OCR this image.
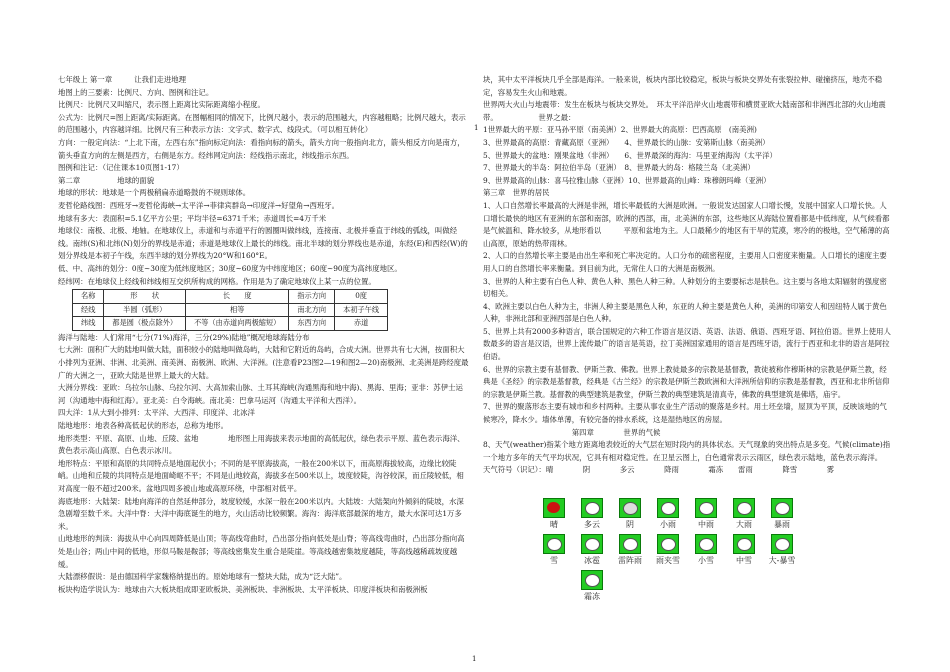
七年级上 第一章　　　让我们走进地理

地图上的三要素：比例尺、方向、图例和注记。

比例尺：比例尺又叫缩尺，表示图上距离比实际距离缩小程度。

公式为：比例尺=图上距离/实际距离。在图幅相同的情况下，比例尺越小，表示的范围越大，内容越粗略；比例尺越大，表示的范围越小，内容越详细。比例尺有三种表示方法：文字式、数字式、线段式。（可以相互转化）

方向：一般定向法：“上北下南，左西右东”指向标定向法：看指向标的箭头，箭头方向一般指向北方，箭头相反方向是南方，箭头垂直方向的左侧是西方，右侧是东方。经纬网定向法：经线指示南北，纬线指示东西。

图例和注记：（记住课本10页图1-17）

第二章　　　　　地球的面貌

地球的形状：地球是一个两极稍扁赤道略鼓的不规则球体。

麦哲伦路线图：西班牙→麦哲伦海峡→太平洋→菲律宾群岛→印度洋→好望角→西班牙。

地球有多大：表面积=5.1亿平方公里；平均半径=6371千米；赤道周长=4万千米

地球仪：南极、北极、地轴。在地球仪上，赤道和与赤道平行的圆圈叫做纬线，连接南、北极并垂直于纬线的弧线，叫做经线。南纬(S)和北纬(N)划分的界线是赤道；赤道是地球仪上最长的纬线。南北半球的划分界线也是赤道，东经(E)和西经(W)的划分界线是本初子午线，东西半球的划分界线为20°W和160°E。

低、中、高纬的划分：0度~30度为低纬度地区；30度~60度为中纬度地区；60度~90度为高纬度地区。

经纬网：在地球仪上经线和纬线相互交织所构成的网格。作用是为了确定地球仪上某一点的位置。

名称	形　　状	长　　度	指示方向	0度
经线	半圆（弧形）	相等	南北方向	本初子午线
纬线	都是圆（极点除外）	不等（由赤道向两极缩短）	东西方向	赤道

海洋与陆地：人们常用“七分(71%)海洋，三分(29%)陆地”概况地球海陆分布

七大洲：面积广大的陆地叫做大陆，面积较小的陆地叫做岛屿，大陆和它附近的岛屿，合成大洲。世界共有七大洲，按面积大小排列为亚洲、非洲、北美洲、南美洲、南极洲、欧洲、大洋洲。(注意看P23图2—19和图2—20)南极洲、北美洲是跨经度最广的大洲之一，亚欧大陆是世界上最大的大陆。

大洲分界线：亚欧：乌拉尔山脉、乌拉尔河、大高加索山脉、土耳其海峡(沟通黑海和地中海)、黑海、里海；亚非：苏伊士运河（沟通地中海和红海）。亚北美：白令海峡。南北美：巴拿马运河（沟通太平洋和大西洋）。

四大洋：1从大到小排列：太平洋、大西洋、印度洋、北冰洋

陆地地形：地表各种高低起伏的形态，总称为地形。

地形类型：平原、高原、山地、丘陵、盆地　　　　地形图上用海拔来表示地面的高低起伏，绿色表示平原、蓝色表示海洋、黄色表示高山高原、白色表示冰川。

地形特点：平原和高原的共同特点是地面起伏小；不同的是平原海拔高，一般在200米以下，而高原海拔较高，边缘比较陡峭。山地和丘陵的共同特点是地面崎岖不平；不同是山地较高，海拔多在500米以上，坡度较陡，沟谷较深，而丘陵较低，相对高度一般不超过200米。盆地四周多被山地或高原环绕，中部相对低平。

海底地形：大陆架：陆地向海洋的自然延伸部分，坡度较缓，水深一般在200米以内。大陆坡：大陆架向外倾斜的陡坡，水深急剧增至数千米。大洋中脊：大洋中海底诞生的地方，火山活动比较频繁。海沟：海洋底部最深的地方，最大水深可达1万多米。

山地地形的判读：海拔从中心向四周降低是山顶；等高线弯曲时，凸出部分指向低处是山脊；等高线弯曲时，凸出部分指向高处是山谷；两山中间的低地，形似马鞍是鞍部；等高线密集发生重合是陡崖。等高线越密集坡度越陡，等高线越稀疏坡度越缓。

大陆漂移假说：是由德国科学家魏格纳提出的。原始地球有一整块大陆，成为“泛大陆”。

板块构造学说认为：地球由六大板块组成即亚欧板块、美洲板块、非洲板块、太平洋板块、印度洋板块和南极洲板

1

块，其中太平洋板块几乎全部是海洋。一般来说，板块内部比较稳定，板块与板块交界处有张裂拉伸、碰撞挤压，地壳不稳定，容易发生火山和地震。

世界两大火山与地震带：发生在板块与板块交界处。　环太平洋沿岸火山地震带和横贯亚欧大陆南部和非洲西北部的火山地震带。　　　　　　世界之最：

1世界最大的平原：亚马孙平原（南美洲）2、世界最大的高原：巴西高原　(南美洲)

3、世界最高的高原：青藏高原（亚洲）　　4、世界最长的山脉：安第斯山脉（南美洲）

5、世界最大的盆地：刚果盆地（非洲）　　6、世界最深的海沟：马里亚纳海沟（太平洋）

7、世界最大的半岛：阿拉伯半岛（亚洲）　8、世界最大的岛：格陵兰岛（北美洲）

9、世界最高的山脉：喜马拉雅山脉（亚洲）10、世界最高的山峰：珠穆朗玛峰（亚洲）

第三章　世界的居民

1、人口自然增长率最高的大洲是非洲，增长率最低的大洲是欧洲。一般说发达国家人口增长慢，发展中国家人口增长快。人口增长最快的地区有亚洲的东部和南部，欧洲的西部，南，北美洲的东部，这些地区从海陆位置看都是中低纬度，从气候看都是气候温和、降水较多，从地形看以　　　平原和盆地为主。人口最稀少的地区有干旱的荒漠，寒冷的的极地，空气稀薄的高山高原，原始的热带雨林。

2、人口的自然增长率主要是由出生率和死亡率决定的。人口分布的疏密程度，主要用人口密度来衡量。人口增长的速度主要用人口的自然增长率来衡量。到目前为此，无常住人口的大洲是南极洲。

3、世界的人种主要有白色人种、黄色人种、黑色人种三种。人种划分的主要要标志是肤色。这主要与各地太阳辐射的强度密切相关。

4、欧洲主要以白色人种为主，非洲人种主要是黑色人种，东亚的人种主要是黄色人种，美洲的印第安人和因纽特人属于黄色人种，非洲北部和亚洲西部是白色人种。

5、世界上共有2000多种语言，联合国规定的六种工作语言是汉语、英语、法语、俄语、西班牙语、阿拉伯语。世界上使用人数最多的语言是汉语，世界上流传最广的语言是英语，拉丁美洲国家通用的语言是西班牙语，流行于西亚和北非的语言是阿拉伯语。

6、世界的宗教主要有基督教、伊斯兰教、佛教。世界上教徒最多的宗教是基督教，教徒被称作穆斯林的宗教是伊斯兰教，经典是《圣经》的宗教是基督教，经典是《古兰经》的宗教是伊斯兰教欧洲和大洋洲所信仰的宗教是基督教，西亚和北非所信仰的宗教是伊斯兰教。基督教的典型建筑是教堂，伊斯兰教的典型建筑是清真寺，佛教的典型建筑是佛塔，庙宇。

7、世界的聚落形态主要有城市和乡村两种。主要从事农业生产活动的聚落是乡村。用土坯垒墙，屋顶为平顶，反映该地的气候寒冷，降水少。墙体单薄，有较完备的排水系统，这是湿热地区的房屋。

　　　　　　　　　　　　第四章　　　　世界的气候

8、天气(weather)指某个地方距离地表较近的大气层在短时段内的具体状态。天气现象的突出特点是多变。气候(climate)指一个地方多年的天气平均状况，它具有相对稳定性。在卫星云图上，白色通常表示云雨区，绿色表示陆地，蓝色表示海洋。

天气符号（识记）：晴　　　　阴　　　　多云　　　　降雨　　　　霜冻　　雷雨　　　　降雪　　　　雾

晴	多云	阴	小雨	中雨	大雨	暴雨
雪	冰雹	雷阵雨	雨夹雪	小雪	中雪	大-暴雪
霜冻
1
